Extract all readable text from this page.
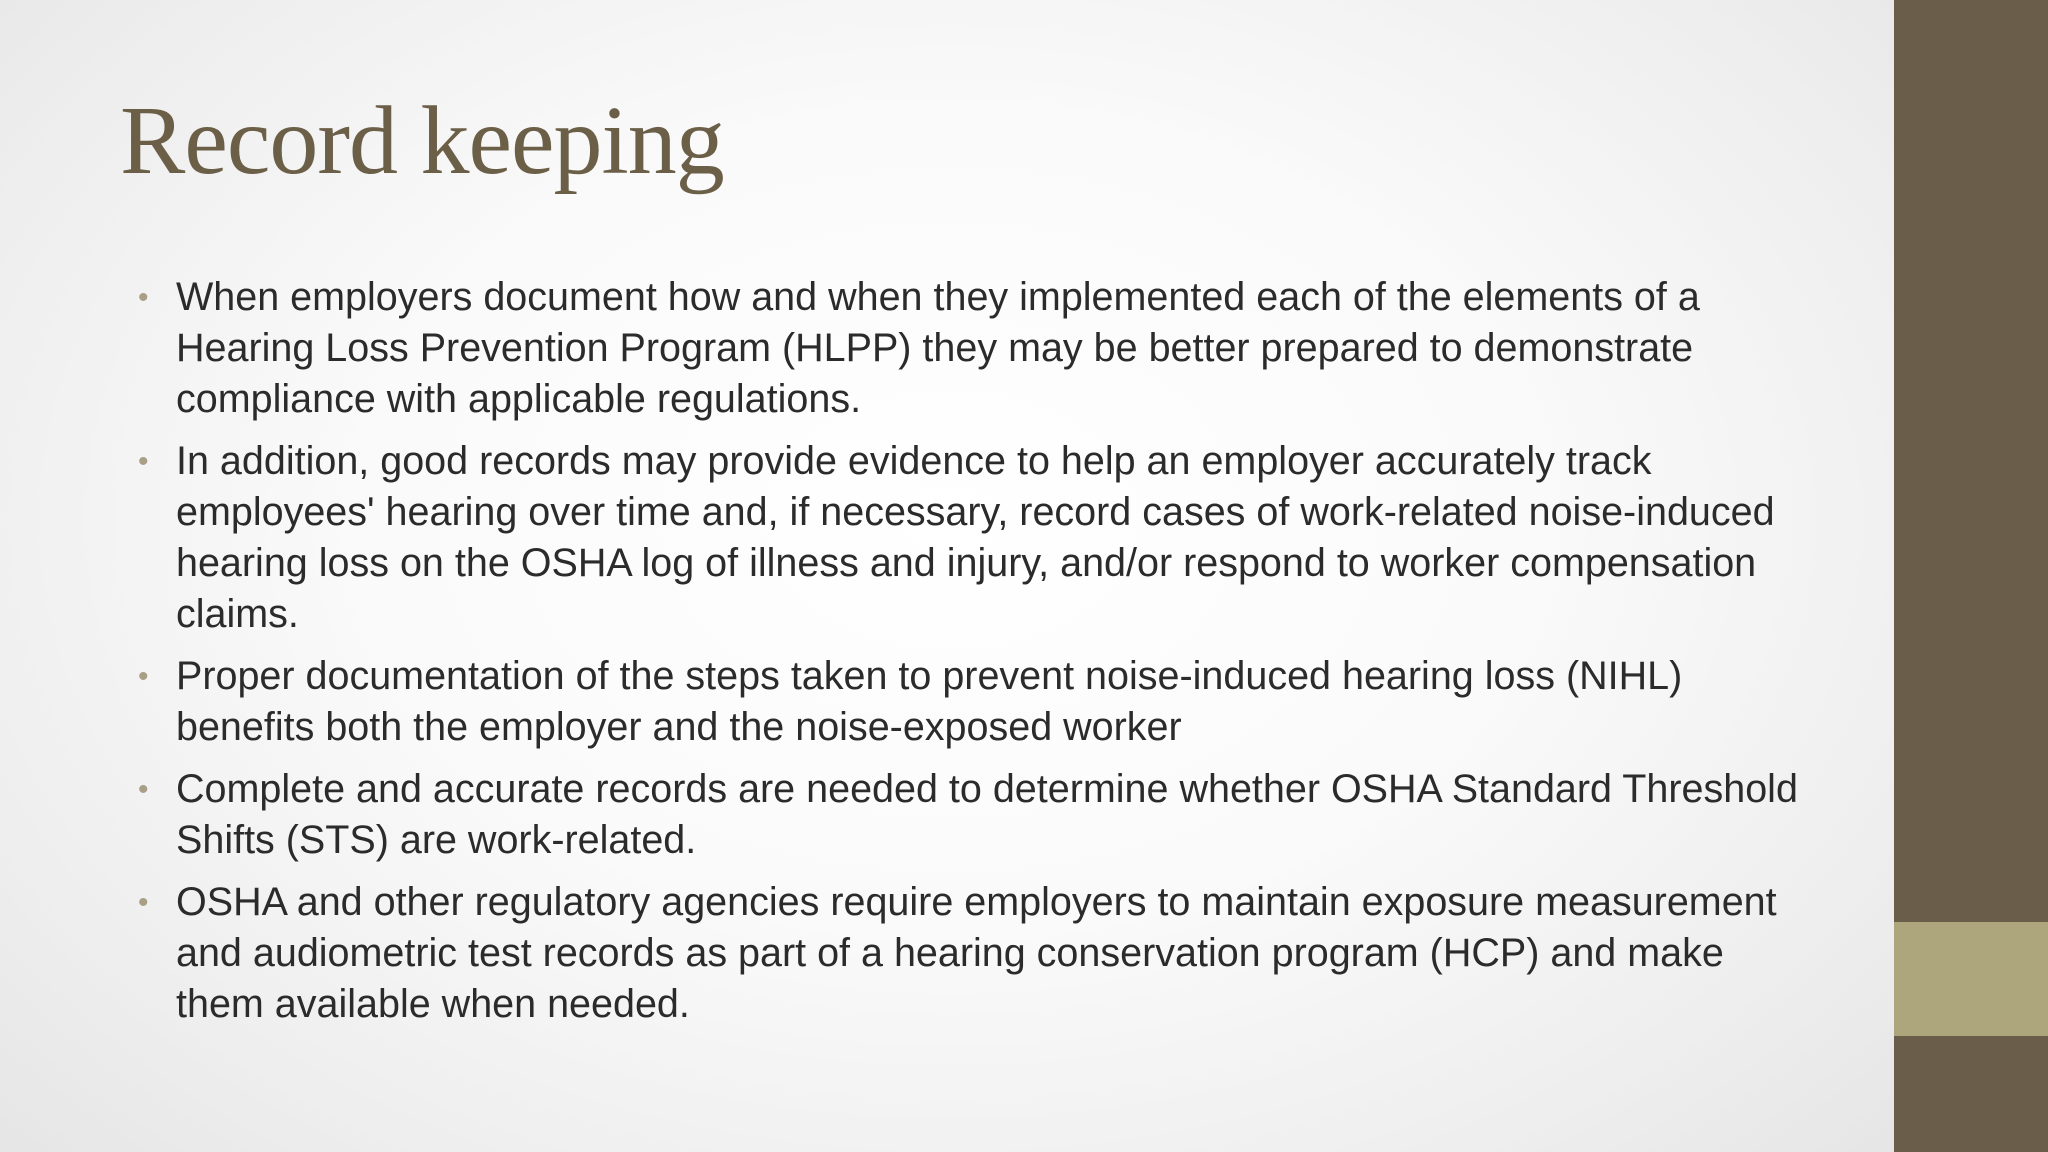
Record keeping
• When employers document how and when they implemented each of the elements of a Hearing Loss Prevention Program (HLPP) they may be better prepared to demonstrate compliance with applicable regulations.
• In addition, good records may provide evidence to help an employer accurately track employees' hearing over time and, if necessary, record cases of work-related noise-induced hearing loss on the OSHA log of illness and injury, and/or respond to worker compensation claims.
• Proper documentation of the steps taken to prevent noise-induced hearing loss (NIHL) benefits both the employer and the noise-exposed worker
• Complete and accurate records are needed to determine whether OSHA Standard Threshold Shifts (STS) are work-related.
• OSHA and other regulatory agencies require employers to maintain exposure measurement and audiometric test records as part of a hearing conservation program (HCP) and make them available when needed.
